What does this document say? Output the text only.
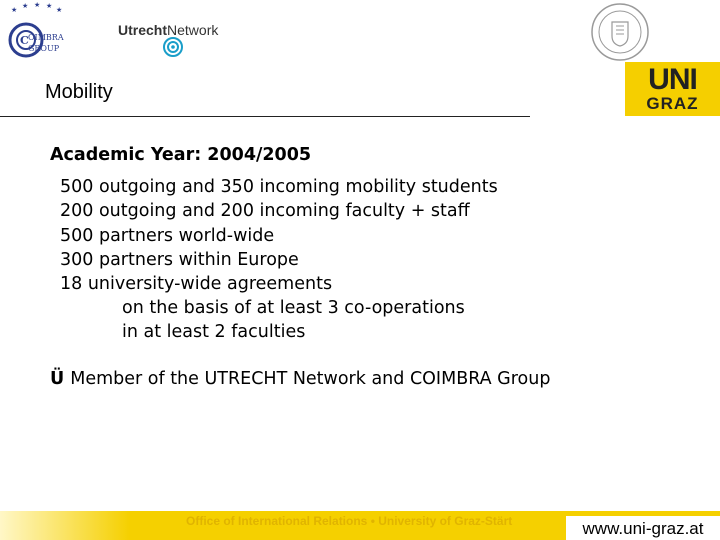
★ ★ ★ ★ ★
C OIMBRA
GROUP
UtrechtNetwork
UNI
GRAZ
Mobility
Academic Year: 2004/2005
500 outgoing and 350 incoming mobility students
200 outgoing and 200 incoming faculty + staff
500 partners world-wide
300 partners within Europe
18 university-wide agreements
on the basis of at least 3 co-operations
in at least 2 faculties
Ü Member of the UTRECHT Network and COIMBRA Group
Office of International Relations • University of Graz-Stärt	www.uni-graz.at
